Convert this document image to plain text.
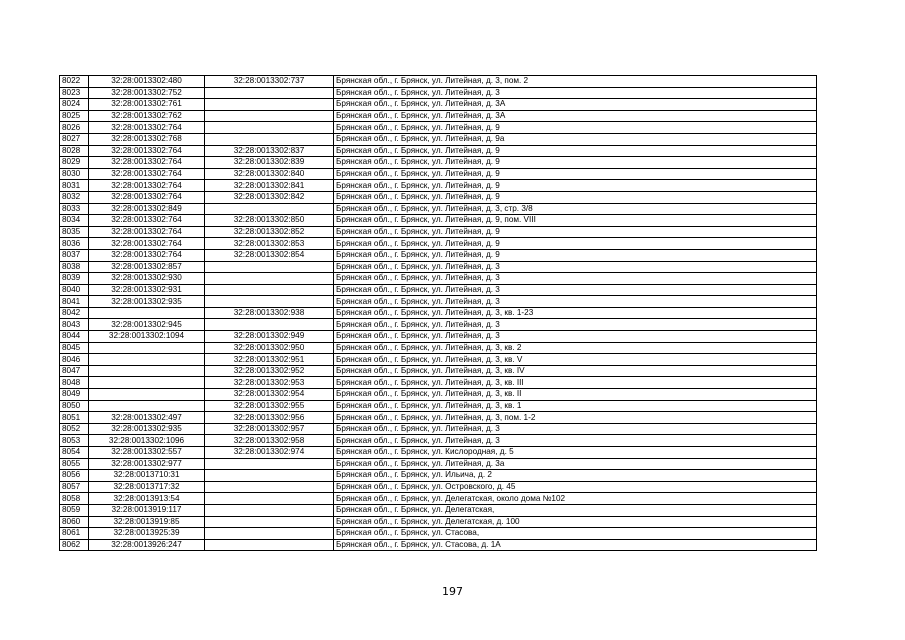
8022	32:28:0013302:480	32:28:0013302:737	Брянская обл., г. Брянск, ул. Литейная, д. 3, пом. 2
8023	32:28:0013302:752		Брянская обл., г. Брянск, ул. Литейная, д. 3
8024	32:28:0013302:761		Брянская обл., г. Брянск, ул. Литейная, д. 3А
8025	32:28:0013302:762		Брянская обл., г. Брянск, ул. Литейная, д. 3А
8026	32:28:0013302:764		Брянская обл., г. Брянск, ул. Литейная, д. 9
8027	32:28:0013302:768		Брянская обл., г. Брянск, ул. Литейная, д. 9а
8028	32:28:0013302:764	32:28:0013302:837	Брянская обл., г. Брянск, ул. Литейная, д. 9
8029	32:28:0013302:764	32:28:0013302:839	Брянская обл., г. Брянск, ул. Литейная, д. 9
8030	32:28:0013302:764	32:28:0013302:840	Брянская обл., г. Брянск, ул. Литейная, д. 9
8031	32:28:0013302:764	32:28:0013302:841	Брянская обл., г. Брянск, ул. Литейная, д. 9
8032	32:28:0013302:764	32:28:0013302:842	Брянская обл., г. Брянск, ул. Литейная, д. 9
8033	32:28:0013302:849		Брянская обл., г. Брянск, ул. Литейная, д. 3, стр. 3/8
8034	32:28:0013302:764	32:28:0013302:850	Брянская обл., г. Брянск, ул. Литейная, д. 9, пом. VIII
8035	32:28:0013302:764	32:28:0013302:852	Брянская обл., г. Брянск, ул. Литейная, д. 9
8036	32:28:0013302:764	32:28:0013302:853	Брянская обл., г. Брянск, ул. Литейная, д. 9
8037	32:28:0013302:764	32:28:0013302:854	Брянская обл., г. Брянск, ул. Литейная, д. 9
8038	32:28:0013302:857		Брянская обл., г. Брянск, ул. Литейная, д. 3
8039	32:28:0013302:930		Брянская обл., г. Брянск, ул. Литейная, д. 3
8040	32:28:0013302:931		Брянская обл., г. Брянск, ул. Литейная, д. 3
8041	32:28:0013302:935		Брянская обл., г. Брянск, ул. Литейная, д. 3
8042		32:28:0013302:938	Брянская обл., г. Брянск, ул. Литейная, д. 3, кв. 1-23
8043	32:28:0013302:945		Брянская обл., г. Брянск, ул. Литейная, д. 3
8044	32:28:0013302:1094	32:28:0013302:949	Брянская обл., г. Брянск, ул. Литейная, д. 3
8045		32:28:0013302:950	Брянская обл., г. Брянск, ул. Литейная, д. 3, кв. 2
8046		32:28:0013302:951	Брянская обл., г. Брянск, ул. Литейная, д. 3, кв. V
8047		32:28:0013302:952	Брянская обл., г. Брянск, ул. Литейная, д. 3, кв. IV
8048		32:28:0013302:953	Брянская обл., г. Брянск, ул. Литейная, д. 3, кв. III
8049		32:28:0013302:954	Брянская обл., г. Брянск, ул. Литейная, д. 3, кв. II
8050		32:28:0013302:955	Брянская обл., г. Брянск, ул. Литейная, д. 3, кв. 1
8051	32:28:0013302:497	32:28:0013302:956	Брянская обл., г. Брянск, ул. Литейная, д. 3, пом. 1-2
8052	32:28:0013302:935	32:28:0013302:957	Брянская обл., г. Брянск, ул. Литейная, д. 3
8053	32:28:0013302:1096	32:28:0013302:958	Брянская обл., г. Брянск, ул. Литейная, д. 3
8054	32:28:0013302:557	32:28:0013302:974	Брянская обл., г. Брянск, ул. Кислородная, д. 5
8055	32:28:0013302:977		Брянская обл., г. Брянск, ул. Литейная, д. 3а
8056	32:28:0013710:31		Брянская обл., г. Брянск, ул. Ильича, д. 2
8057	32:28:0013717:32		Брянская обл., г. Брянск, ул. Островского, д. 45
8058	32:28:0013913:54		Брянская обл., г. Брянск, ул. Делегатская, около дома №102
8059	32:28:0013919:117		Брянская обл., г. Брянск, ул. Делегатская,
8060	32:28:0013919:85		Брянская обл., г. Брянск, ул. Делегатская, д. 100
8061	32:28:0013925:39		Брянская обл., г. Брянск, ул. Стасова,
8062	32:28:0013926:247		Брянская обл., г. Брянск, ул. Стасова, д. 1А
197
